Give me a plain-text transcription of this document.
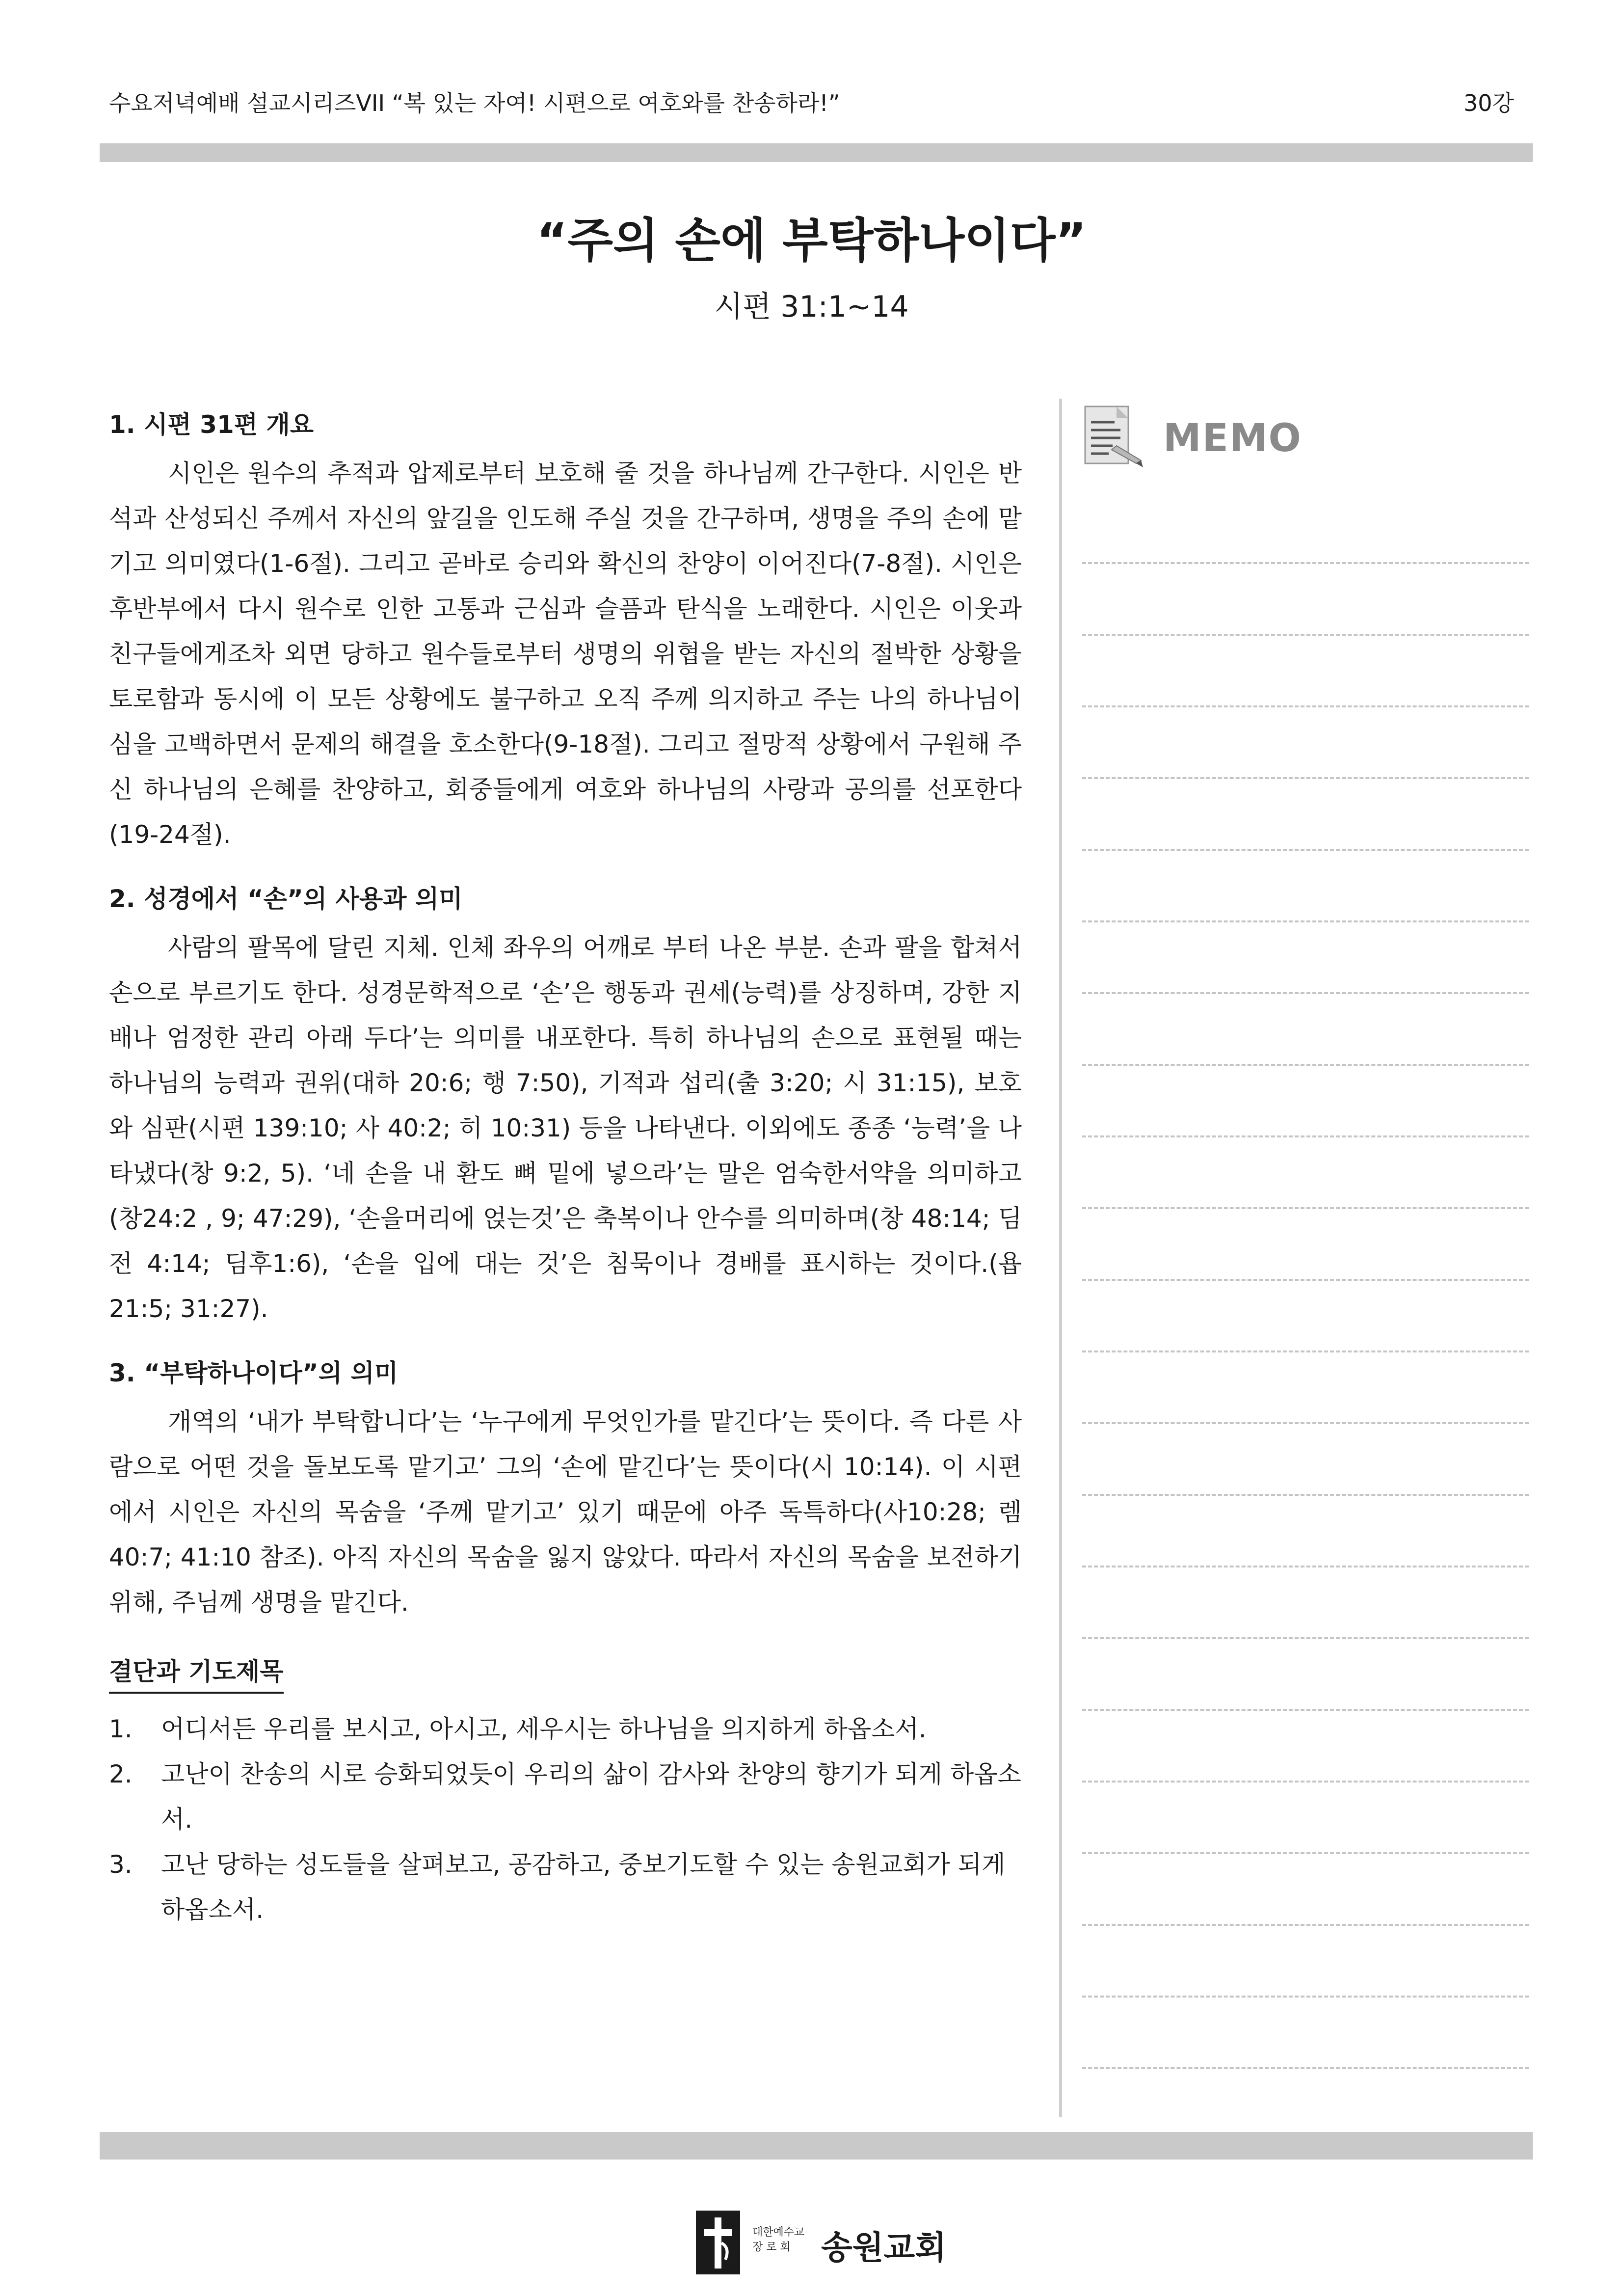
수요저녁예배 설교시리즈VII “복 있는 자여! 시편으로 여호와를 찬송하라!”	30강
“주의 손에 부탁하나이다”
시편 31:1~14
1. 시편 31편 개요

시인은 원수의 추적과 압제로부터 보호해 줄 것을 하나님께 간구한다. 시인은 반석과 산성되신 주께서 자신의 앞길을 인도해 주실 것을 간구하며, 생명을 주의 손에 맡기고 의미였다(1-6절). 그리고 곧바로 승리와 확신의 찬양이 이어진다(7-8절). 시인은 후반부에서 다시 원수로 인한 고통과 근심과 슬픔과 탄식을 노래한다. 시인은 이웃과 친구들에게조차 외면 당하고 원수들로부터 생명의 위협을 받는 자신의 절박한 상황을 토로함과 동시에 이 모든 상황에도 불구하고 오직 주께 의지하고 주는 나의 하나님이심을 고백하면서 문제의 해결을 호소한다(9-18절). 그리고 절망적 상황에서 구원해 주신 하나님의 은혜를 찬양하고, 회중들에게 여호와 하나님의 사랑과 공의를 선포한다(19-24절).

2. 성경에서 “손”의 사용과 의미

사람의 팔목에 달린 지체. 인체 좌우의 어깨로 부터 나온 부분. 손과 팔을 합쳐서 손으로 부르기도 한다. 성경문학적으로 ‘손’은 행동과 권세(능력)를 상징하며, 강한 지배나 엄정한 관리 아래 두다’는 의미를 내포한다. 특히 하나님의 손으로 표현될 때는 하나님의 능력과 권위(대하 20:6; 행 7:50), 기적과 섭리(출 3:20; 시 31:15), 보호와 심판(시편 139:10; 사 40:2; 히 10:31) 등을 나타낸다. 이외에도 종종 ‘능력’을 나타냈다(창 9:2, 5). ‘네 손을 내 환도 뼈 밑에 넣으라’는 말은 엄숙한서약을 의미하고 (창24:2 , 9; 47:29), ‘손을머리에 얹는것’은 축복이나 안수를 의미하며(창 48:14; 딤전 4:14; 딤후1:6), ‘손을 입에 대는 것’은 침묵이나 경배를 표시하는 것이다.(욥 21:5; 31:27).

3. “부탁하나이다”의 의미

개역의 ‘내가 부탁합니다’는 ‘누구에게 무엇인가를 맡긴다’는 뜻이다. 즉 다른 사람으로 어떤 것을 돌보도록 맡기고’ 그의 ‘손에 맡긴다’는 뜻이다(시 10:14). 이 시편에서 시인은 자신의 목숨을 ‘주께 맡기고’ 있기 때문에 아주 독특하다(사10:28; 렘40:7; 41:10 참조). 아직 자신의 목숨을 잃지 않았다. 따라서 자신의 목숨을 보전하기 위해, 주님께 생명을 맡긴다.

결단과 기도제목
1. 어디서든 우리를 보시고, 아시고, 세우시는 하나님을 의지하게 하옵소서.
2. 고난이 찬송의 시로 승화되었듯이 우리의 삶이 감사와 찬양의 향기가 되게 하옵소서.
3. 고난 당하는 성도들을 살펴보고, 공감하고, 중보기도할 수 있는 송원교회가 되게 하옵소서.
MEMO
대한예수교
장 로 회 송원교회
